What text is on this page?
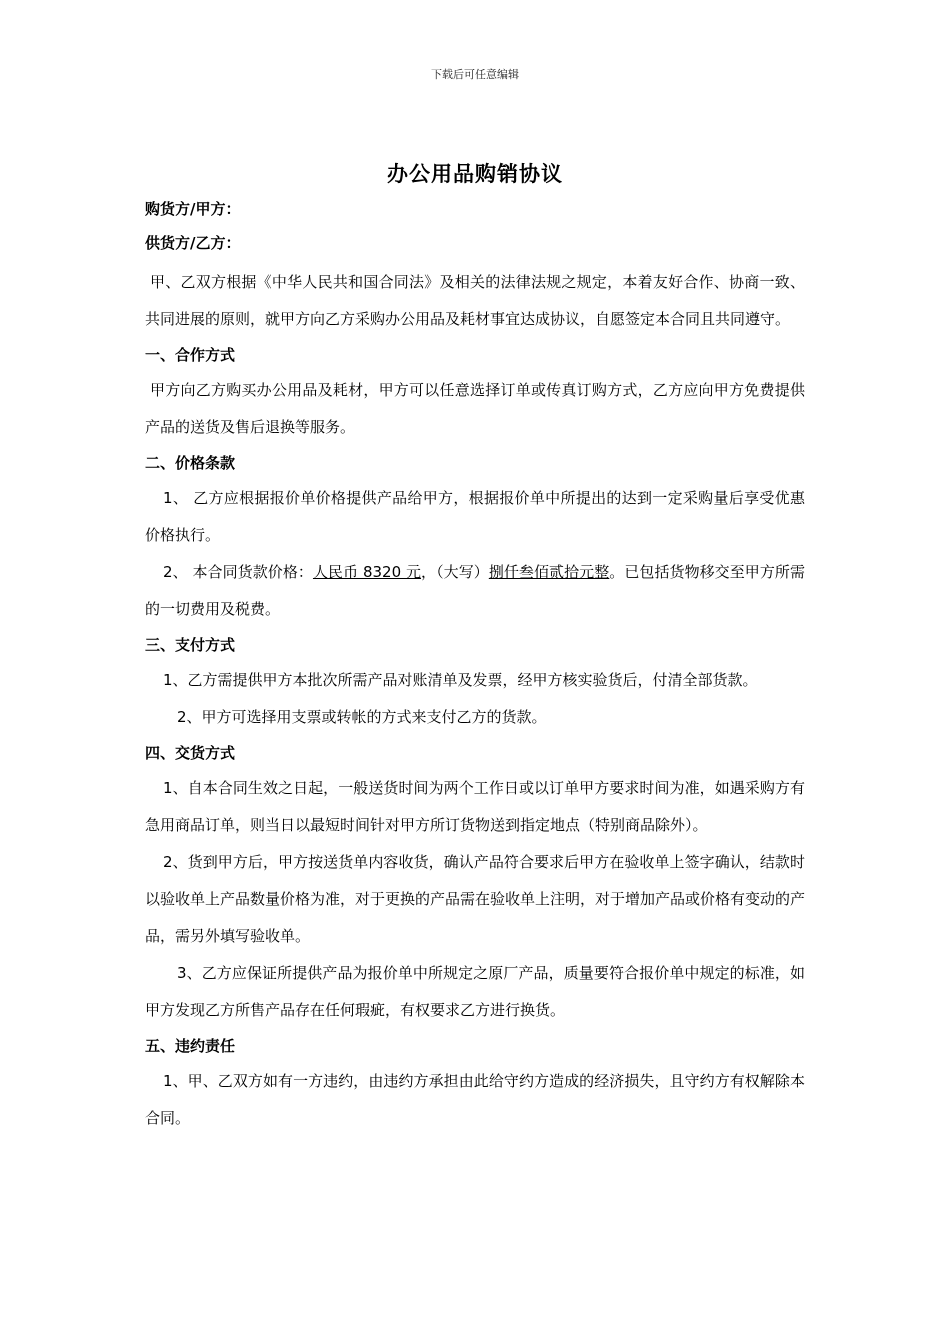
下载后可任意编辑
办公用品购销协议
购货方/甲方：
供货方/乙方：

甲、乙双方根据《中华人民共和国合同法》及相关的法律法规之规定，本着友好合作、协商一致、共同进展的原则，就甲方向乙方采购办公用品及耗材事宜达成协议，自愿签定本合同且共同遵守。

一、合作方式

甲方向乙方购买办公用品及耗材，甲方可以任意选择订单或传真订购方式，乙方应向甲方免费提供产品的送货及售后退换等服务。

二、价格条款

1、 乙方应根据报价单价格提供产品给甲方，根据报价单中所提出的达到一定采购量后享受优惠价格执行。

2、 本合同货款价格：人民币 8320 元，（大写）捌仟叁佰贰拾元整。已包括货物移交至甲方所需的一切费用及税费。

三、支付方式

1、乙方需提供甲方本批次所需产品对账清单及发票，经甲方核实验货后，付清全部货款。

2、甲方可选择用支票或转帐的方式来支付乙方的货款。

四、交货方式

1、自本合同生效之日起，一般送货时间为两个工作日或以订单甲方要求时间为准，如遇采购方有急用商品订单，则当日以最短时间针对甲方所订货物送到指定地点（特别商品除外）。

2、货到甲方后，甲方按送货单内容收货，确认产品符合要求后甲方在验收单上签字确认，结款时以验收单上产品数量价格为准，对于更换的产品需在验收单上注明，对于增加产品或价格有变动的产品，需另外填写验收单。

3、乙方应保证所提供产品为报价单中所规定之原厂产品，质量要符合报价单中规定的标准，如甲方发现乙方所售产品存在任何瑕疵，有权要求乙方进行换货。

五、违约责任

1、甲、乙双方如有一方违约，由违约方承担由此给守约方造成的经济损失，且守约方有权解除本合同。
